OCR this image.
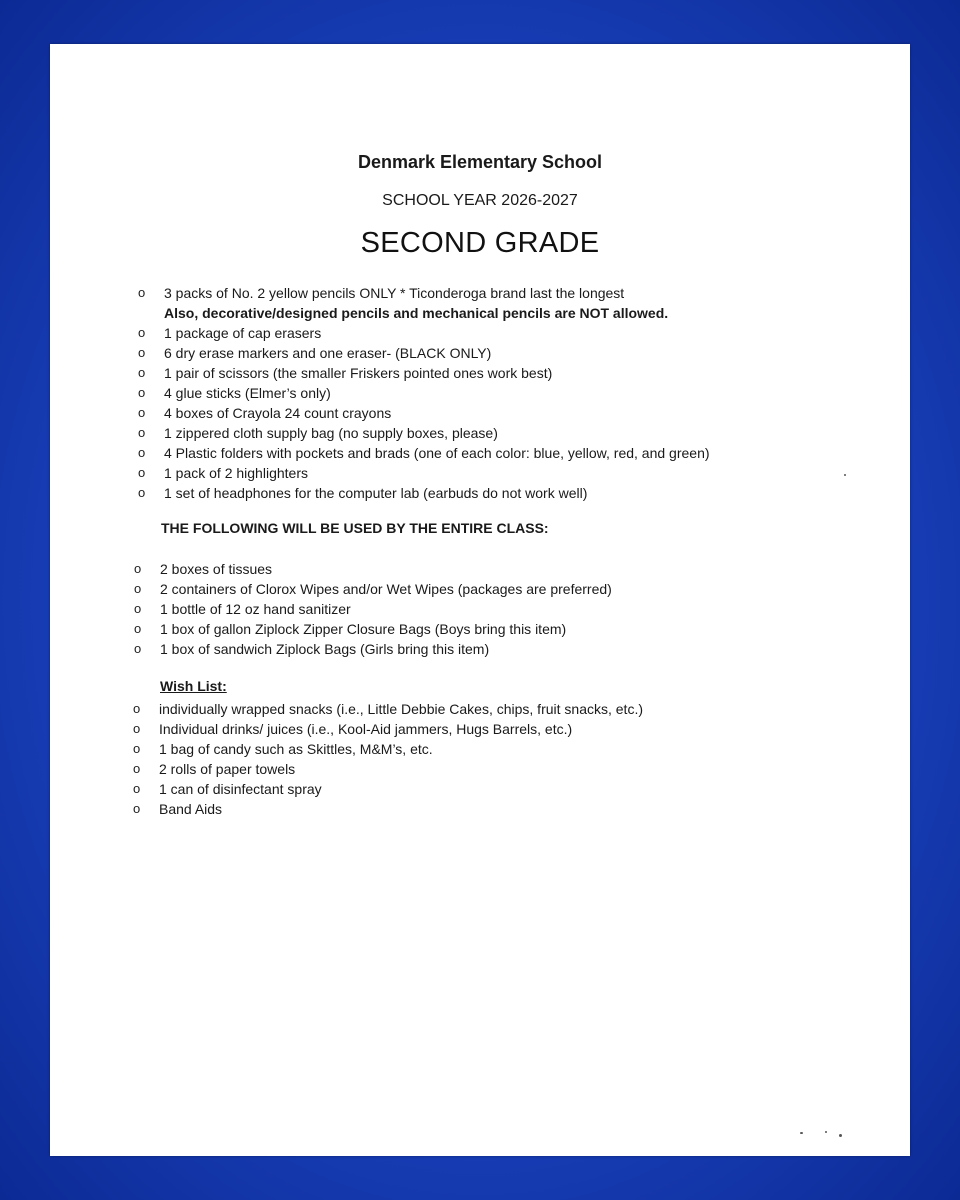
Denmark Elementary School
SCHOOL YEAR 2026-2027
SECOND GRADE
o 3 packs of No. 2 yellow pencils ONLY * Ticonderoga brand last the longest
Also, decorative/designed pencils and mechanical pencils are NOT allowed.
o 1 package of cap erasers
o 6 dry erase markers and one eraser- (BLACK ONLY)
o 1 pair of scissors (the smaller Friskers pointed ones work best)
o 4 glue sticks (Elmer’s only)
o 4 boxes of Crayola 24 count crayons
o 1 zippered cloth supply bag (no supply boxes, please)
o 4 Plastic folders with pockets and brads (one of each color: blue, yellow, red, and green)
o 1 pack of 2 highlighters
o 1 set of headphones for the computer lab (earbuds do not work well)
THE FOLLOWING WILL BE USED BY THE ENTIRE CLASS:
o 2 boxes of tissues
o 2 containers of Clorox Wipes and/or Wet Wipes (packages are preferred)
o 1 bottle of 12 oz hand sanitizer
o 1 box of gallon Ziplock Zipper Closure Bags (Boys bring this item)
o 1 box of sandwich Ziplock Bags (Girls bring this item)
Wish List:
o individually wrapped snacks (i.e., Little Debbie Cakes, chips, fruit snacks, etc.)
o Individual drinks/ juices (i.e., Kool-Aid jammers, Hugs Barrels, etc.)
o 1 bag of candy such as Skittles, M&M’s, etc.
o 2 rolls of paper towels
o 1 can of disinfectant spray
o Band Aids
